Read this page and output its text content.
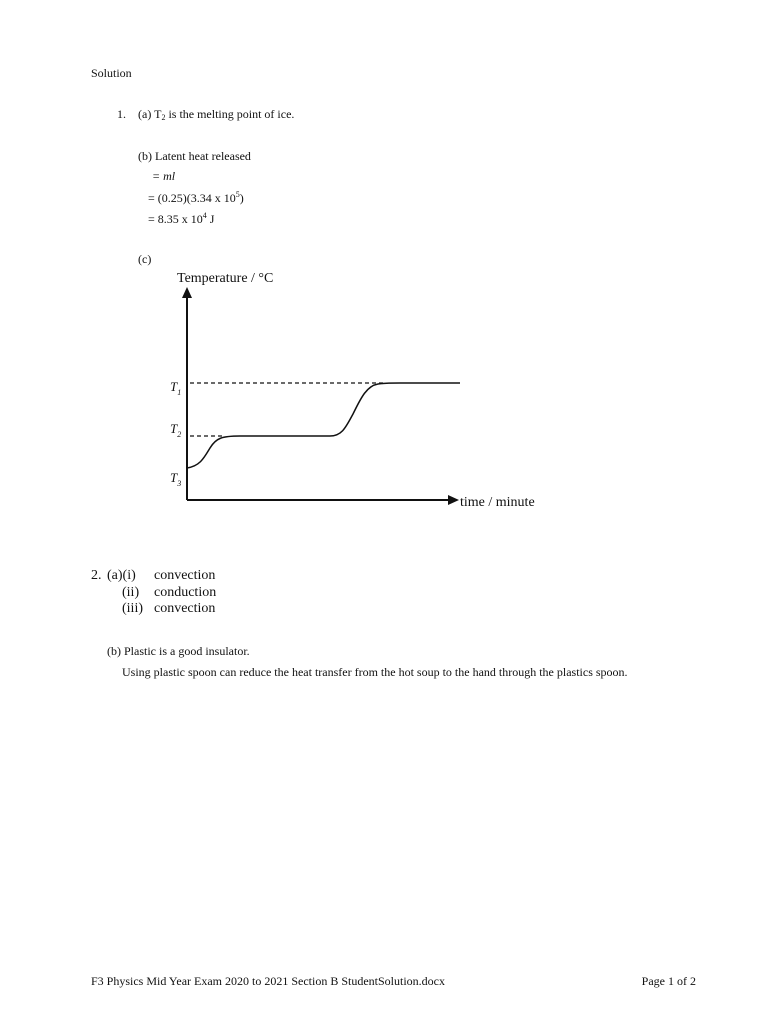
Solution
1. (a) $T_2$ is the melting point of ice.
(b) Latent heat released
= ml
= (0.25)(3.34 x $10^5$)
= 8.35 x $10^4$ J
(c)
Temperature / °C
time / minute
$T_1$
$T_2$
$T_3$
2. (a)(i) convection
(ii) conduction
(iii) convection
(b) Plastic is a good insulator.
Using plastic spoon can reduce the heat transfer from the hot soup to the hand through the plastics spoon.
F3 Physics Mid Year Exam 2020 to 2021 Section B StudentSolution.docx	Page 1 of 2
